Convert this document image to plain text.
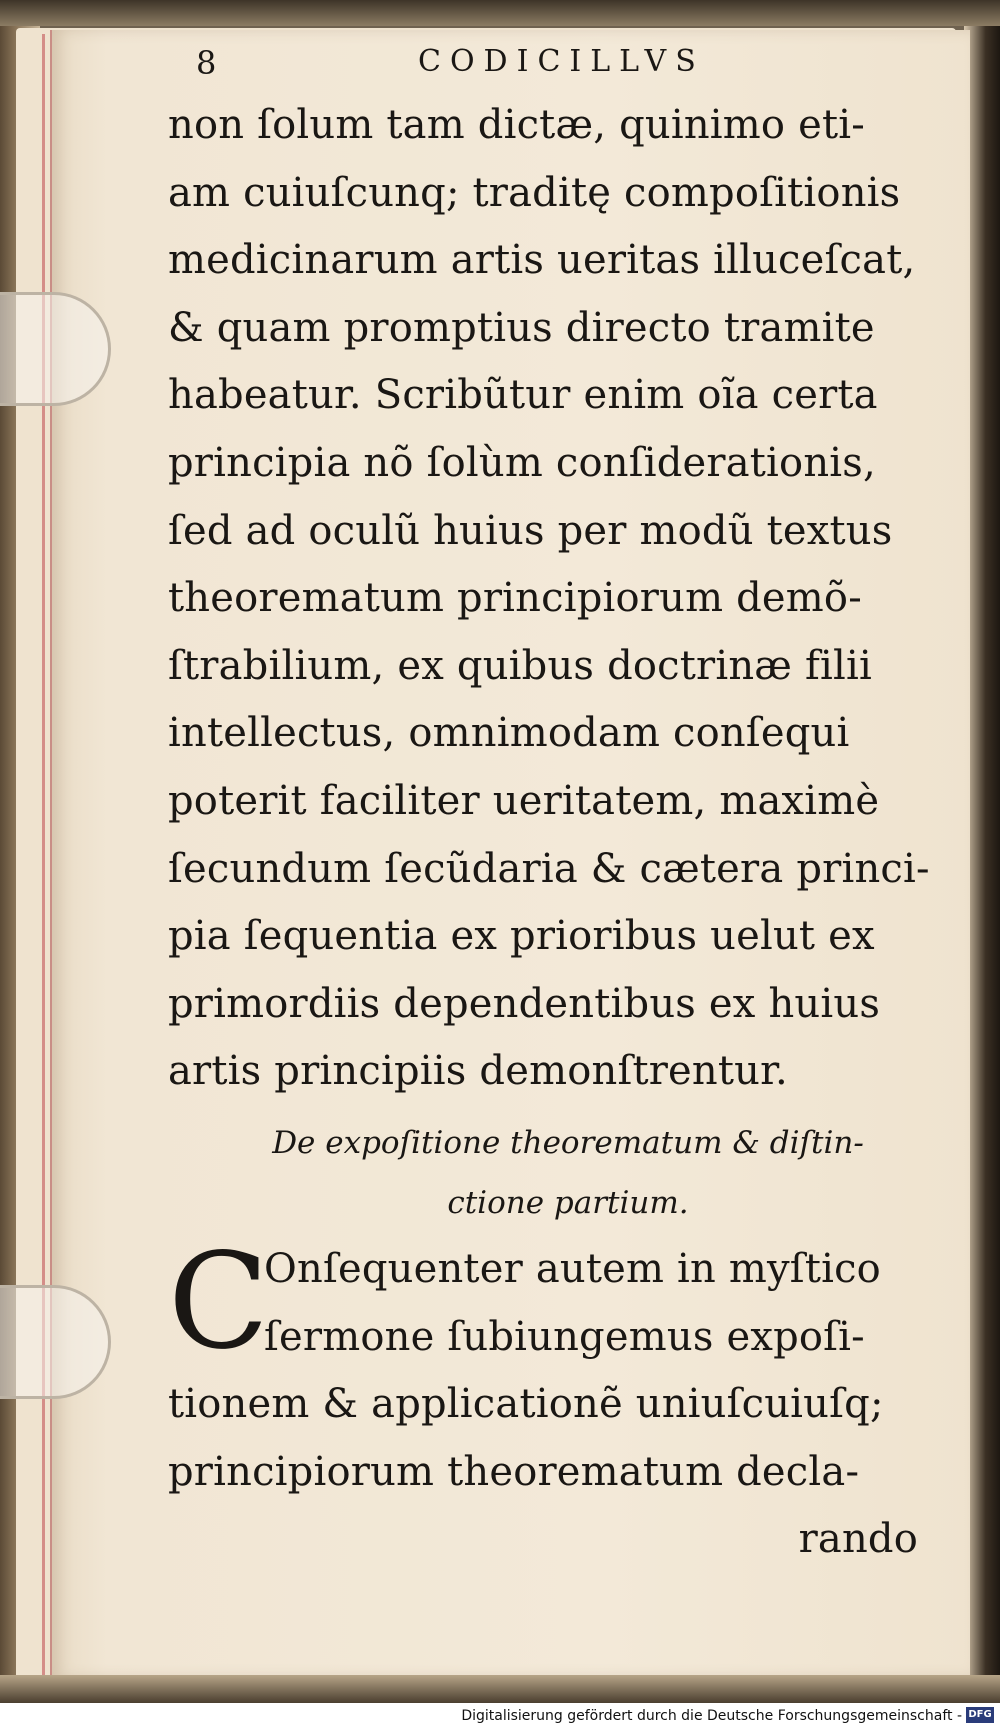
8	CODICILLVS
non ſolum tam dictæ, quinimo eti-
am cuiuſcunq; traditę compoſitionis
medicinarum artis ueritas illuceſcat,
& quam promptius directo tramite
habeatur. Scribũtur enim oĩa certa
principia nõ ſolùm conſiderationis,
ſed ad oculũ huius per modũ textus
theorematum principiorum demõ-
ſtrabilium, ex quibus doctrinæ filii
intellectus, omnimodam conſequi
poterit faciliter ueritatem, maximè
ſecundum ſecũdaria & cætera princi-
pia ſequentia ex prioribus uelut ex
primordiis dependentibus ex huius
artis principiis demonſtrentur.
De expoſitione theorematum & diſtin-
ctione partium.
C
Onſequenter autem in myſtico
ſermone ſubiungemus expoſi-
tionem & applicationẽ uniuſcuiuſq;
principiorum theorematum decla-
rando
Digitalisierung gefördert durch die Deutsche Forschungsgemeinschaft - DFG
